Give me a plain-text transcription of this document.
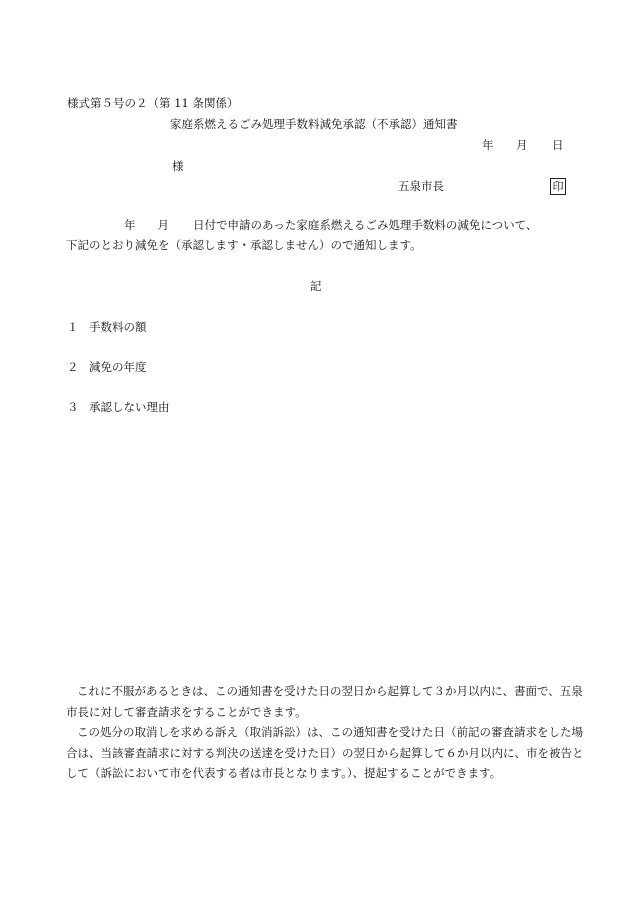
様式第５号の２（第 11 条関係）
家庭系燃えるごみ処理手数料減免承認（不承認）通知書
年 月 日
様
五泉市長	印
年 月 日付で申請のあった家庭系燃えるごみ処理手数料の減免について、
下記のとおり減免を（承認します・承認しません）ので通知します。
記
１ 手数料の額
２ 減免の年度
３ 承認しない理由

これに不服があるときは、この通知書を受けた日の翌日から起算して３か月以内に、書面で、五泉市長に対して審査請求をすることができます。

この処分の取消しを求める訴え（取消訴訟）は、この通知書を受けた日（前記の審査請求をした場合は、当該審査請求に対する判決の送達を受けた日）の翌日から起算して６か月以内に、市を被告として（訴訟において市を代表する者は市長となります。）、提起することができます。
